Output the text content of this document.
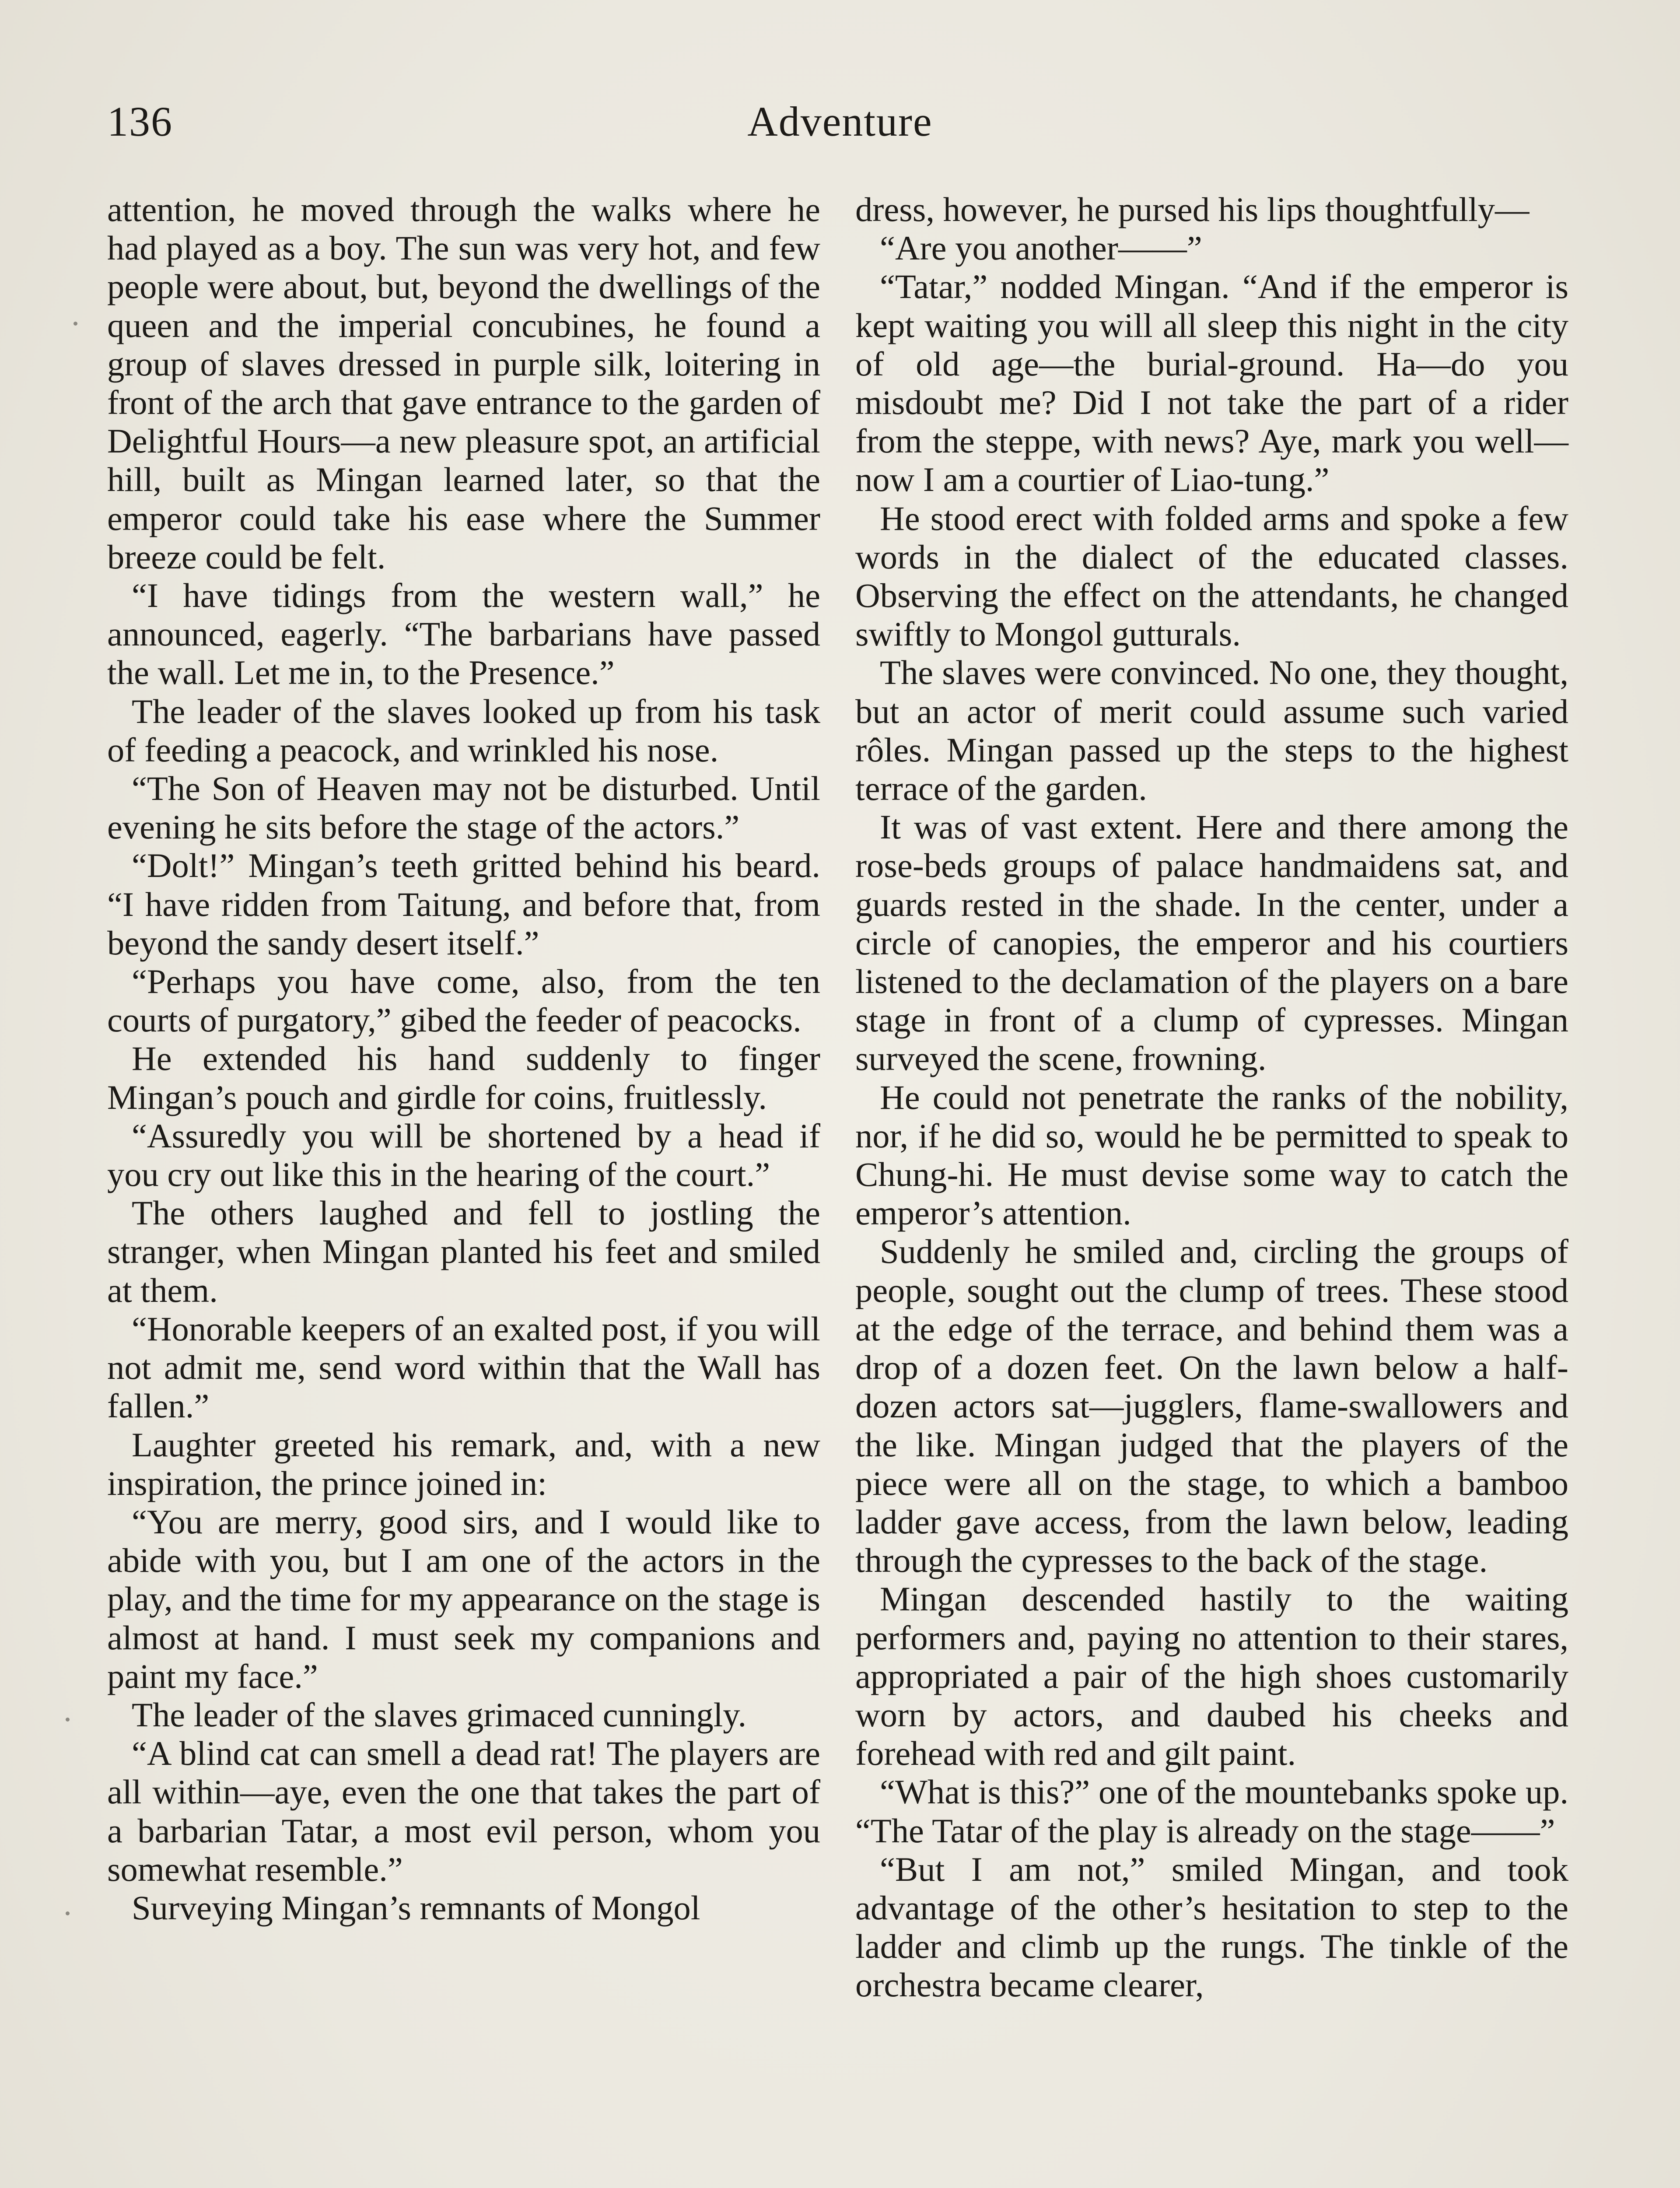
136	Adventure

attention, he moved through the walks where he had played as a boy. The sun was very hot, and few people were about, but, beyond the dwellings of the queen and the imperial concubines, he found a group of slaves dressed in purple silk, loitering in front of the arch that gave entrance to the garden of Delightful Hours—a new pleasure spot, an artificial hill, built as Mingan learned later, so that the emperor could take his ease where the Summer breeze could be felt.

“I have tidings from the western wall,” he announced, eagerly. “The barbarians have passed the wall. Let me in, to the Presence.”

The leader of the slaves looked up from his task of feeding a peacock, and wrinkled his nose.

“The Son of Heaven may not be disturbed. Until evening he sits before the stage of the actors.”

“Dolt!” Mingan’s teeth gritted behind his beard. “I have ridden from Taitung, and before that, from beyond the sandy desert itself.”

“Perhaps you have come, also, from the ten courts of purgatory,” gibed the feeder of peacocks.

He extended his hand suddenly to finger Mingan’s pouch and girdle for coins, fruitlessly.

“Assuredly you will be shortened by a head if you cry out like this in the hearing of the court.”

The others laughed and fell to jostling the stranger, when Mingan planted his feet and smiled at them.

“Honorable keepers of an exalted post, if you will not admit me, send word within that the Wall has fallen.”

Laughter greeted his remark, and, with a new inspiration, the prince joined in:

“You are merry, good sirs, and I would like to abide with you, but I am one of the actors in the play, and the time for my appearance on the stage is almost at hand. I must seek my companions and paint my face.”

The leader of the slaves grimaced cunningly.

“A blind cat can smell a dead rat! The players are all within—aye, even the one that takes the part of a barbarian Tatar, a most evil person, whom you somewhat resemble.”

Surveying Mingan’s remnants of Mongol

dress, however, he pursed his lips thoughtfully—

“Are you another——”

“Tatar,” nodded Mingan. “And if the emperor is kept waiting you will all sleep this night in the city of old age—the burial-ground. Ha—do you misdoubt me? Did I not take the part of a rider from the steppe, with news? Aye, mark you well—now I am a courtier of Liao-tung.”

He stood erect with folded arms and spoke a few words in the dialect of the educated classes. Observing the effect on the attendants, he changed swiftly to Mongol gutturals.

The slaves were convinced. No one, they thought, but an actor of merit could assume such varied rôles. Mingan passed up the steps to the highest terrace of the garden.

It was of vast extent. Here and there among the rose-beds groups of palace handmaidens sat, and guards rested in the shade. In the center, under a circle of canopies, the emperor and his courtiers listened to the declamation of the players on a bare stage in front of a clump of cypresses. Mingan surveyed the scene, frowning.

He could not penetrate the ranks of the nobility, nor, if he did so, would he be permitted to speak to Chung-hi. He must devise some way to catch the emperor’s attention.

Suddenly he smiled and, circling the groups of people, sought out the clump of trees. These stood at the edge of the terrace, and behind them was a drop of a dozen feet. On the lawn below a half-dozen actors sat—jugglers, flame-swallowers and the like. Mingan judged that the players of the piece were all on the stage, to which a bamboo ladder gave access, from the lawn below, leading through the cypresses to the back of the stage.

Mingan descended hastily to the waiting performers and, paying no attention to their stares, appropriated a pair of the high shoes customarily worn by actors, and daubed his cheeks and forehead with red and gilt paint.

“What is this?” one of the mountebanks spoke up. “The Tatar of the play is already on the stage——”

“But I am not,” smiled Mingan, and took advantage of the other’s hesitation to step to the ladder and climb up the rungs. The tinkle of the orchestra became clearer,
